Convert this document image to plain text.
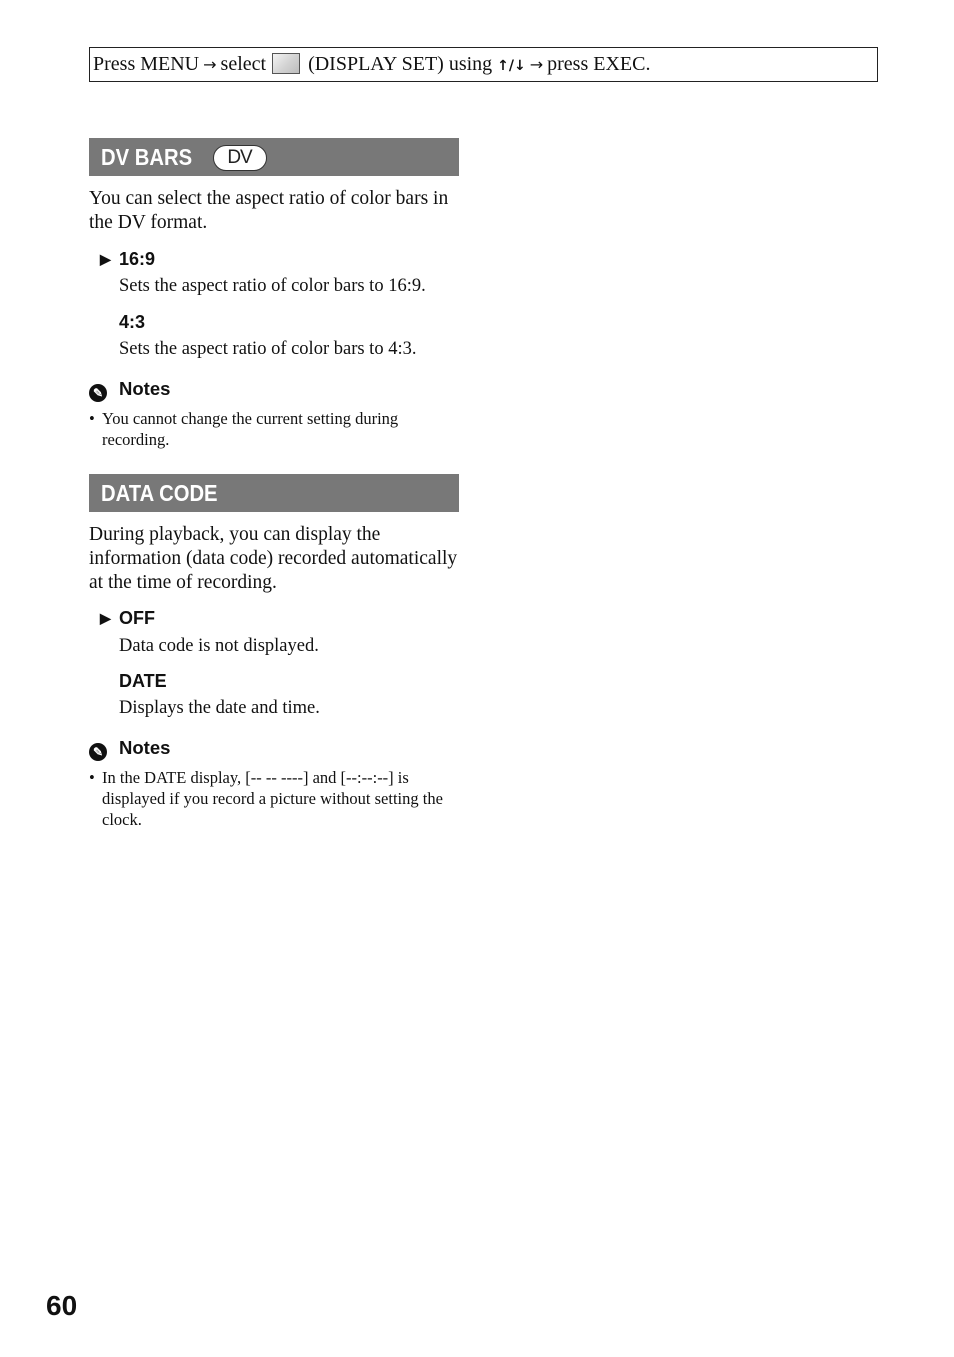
Press MENU → select (DISPLAY SET) using ↑/↓ → press EXEC.
DV BARS DV
You can select the aspect ratio of color bars in the DV format.
▶ 16:9
Sets the aspect ratio of color bars to 16:9.
4:3
Sets the aspect ratio of color bars to 4:3.
✎ Notes
• You cannot change the current setting during recording.
DATA CODE
During playback, you can display the information (data code) recorded automatically at the time of recording.
▶ OFF
Data code is not displayed.
DATE
Displays the date and time.
✎ Notes
• In the DATE display, [-- -- ----] and [--:--:--] is displayed if you record a picture without setting the clock.
60
